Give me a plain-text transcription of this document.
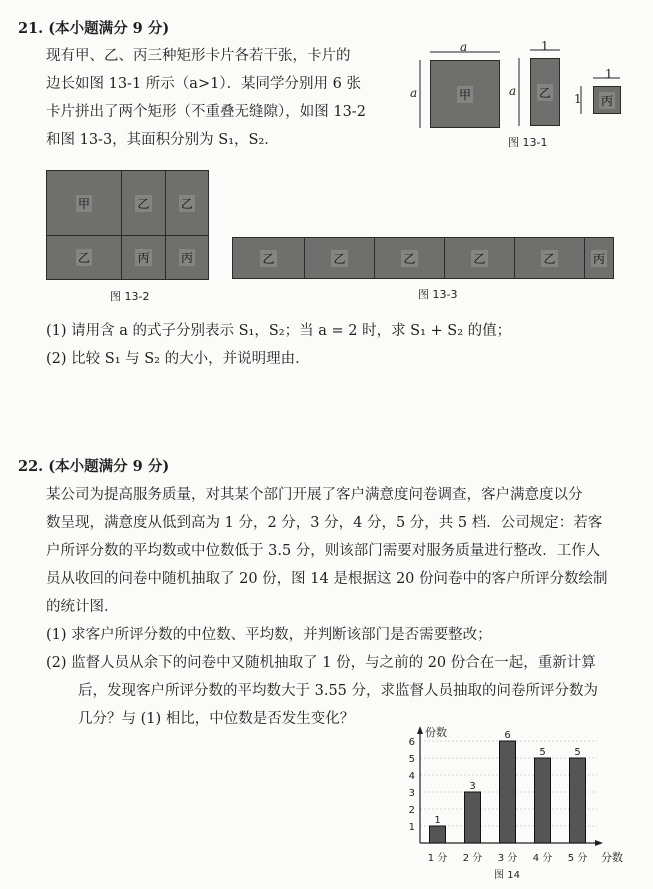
21. (本小题满分 9 分)
现有甲、乙、丙三种矩形卡片各若干张，卡片的
边长如图 13-1 所示（a>1）．某同学分别用 6 张
卡片拼出了两个矩形（不重叠无缝隙），如图 13-2
和图 13-3，其面积分别为 S₁，S₂．
a
a
1
a
1
1
甲	乙
丙
图 13-1
甲	乙	乙
乙	丙	丙
图 13-2
乙	乙	乙	乙	乙	丙
图 13-3
(1) 请用含 a 的式子分别表示 S₁，S₂；当 a = 2 时，求 S₁ + S₂ 的值；
(2) 比较 S₁ 与 S₂ 的大小，并说明理由．
22. (本小题满分 9 分)
某公司为提高服务质量，对其某个部门开展了客户满意度问卷调查，客户满意度以分
数呈现，满意度从低到高为 1 分，2 分，3 分，4 分，5 分，共 5 档．公司规定：若客
户所评分数的平均数或中位数低于 3.5 分，则该部门需要对服务质量进行整改．工作人
员从收回的问卷中随机抽取了 20 份，图 14 是根据这 20 份问卷中的客户所评分数绘制
的统计图．
(1) 求客户所评分数的中位数、平均数，并判断该部门是否需要整改；
(2) 监督人员从余下的问卷中又随机抽取了 1 份，与之前的 20 份合在一起，重新计算
后，发现客户所评分数的平均数大于 3.55 分，求监督人员抽取的问卷所评分数为
几分？与 (1) 相比，中位数是否发生变化？
份数
分数
1
2
3
4
5
6
1
3
6
5	5
1 分 2 分 3 分 4 分 5 分
图 14
